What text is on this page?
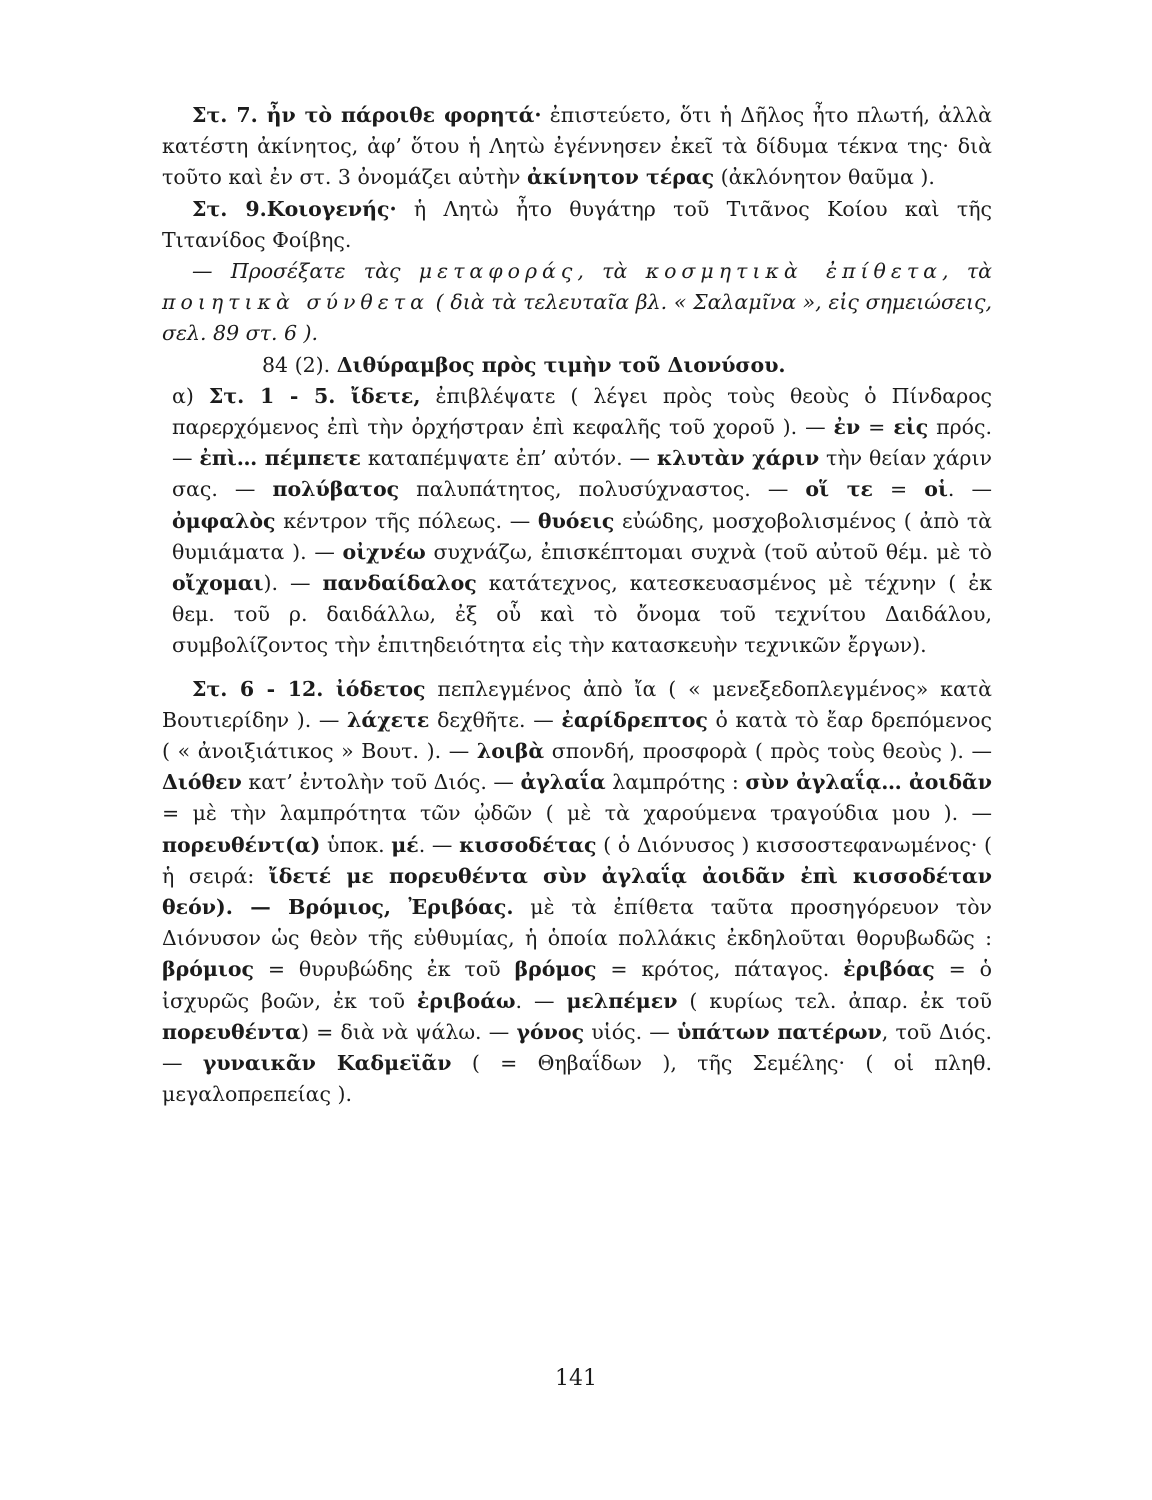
Στ. 7. ἦν τὸ πάροιθε φορητά· ἐπιστεύετο, ὅτι ἡ Δῆλος ἦτο πλωτή, ἀλλὰ κατέστη ἀκίνητος, ἀφ’ ὅτου ἡ Λητὼ ἐγέννησεν ἐκεῖ τὰ δίδυμα τέκνα της· διὰ τοῦτο καὶ ἐν στ. 3 ὀνομάζει αὐτὴν ἀκίνητον τέρας (ἀκλόνητον θαῦμα ).

Στ. 9.Κοιογενής· ἡ Λητὼ ἦτο θυγάτηρ τοῦ Τιτᾶνος Κοίου καὶ τῆς Τιτανίδος Φοίβης.

— Προσέξατε τὰς μεταφοράς, τὰ κοσμητικὰ ἐπίθετα, τὰ ποιητικὰ σύνθετα ( διὰ τὰ τελευταῖα βλ. « Σαλαμῖνα », εἰς σημειώσεις, σελ. 89 στ. 6 ).

84 (2). Διθύραμβος πρὸς τιμὴν τοῦ Διονύσου.

α) Στ. 1 - 5. ἴδετε, ἐπιβλέψατε ( λέγει πρὸς τοὺς θεοὺς ὁ Πίνδαρος παρερχόμενος ἐπὶ τὴν ὀρχήστραν ἐπὶ κεφαλῆς τοῦ χοροῦ ). — ἐν = εἰς πρός. — ἐπὶ… πέμπετε καταπέμψατε ἐπ’ αὐτόν. — κλυτὰν χάριν τὴν θείαν χάριν σας. — πολύβατος παλυπάτητος, πολυσύχναστος. — οἵ τε = οἱ. — ὀμφαλὸς κέντρον τῆς πόλεως. — θυόεις εὐώδης, μοσχοβολισμένος ( ἀπὸ τὰ θυμιάματα ). — οἰχνέω συχνάζω, ἐπισκέπτομαι συχνὰ (τοῦ αὐτοῦ θέμ. μὲ τὸ οἴχομαι). — πανδαίδαλος κατάτεχνος, κατεσκευασμένος μὲ τέχνην ( ἐκ θεμ. τοῦ ρ. δαιδάλλω, ἐξ οὗ καὶ τὸ ὄνομα τοῦ τεχνίτου Δαιδάλου, συμβολίζοντος τὴν ἐπιτηδειότητα εἰς τὴν κατασκευὴν τεχνικῶν ἔργων).

Στ. 6 - 12. ἰόδετος πεπλεγμένος ἀπὸ ἴα ( « μενεξεδοπλεγμένος» κατὰ Βουτιερίδην ). — λάχετε δεχθῆτε. — ἐαρίδρεπτος ὁ κατὰ τὸ ἔαρ δρεπόμενος ( « ἀνοιξιάτικος » Βουτ. ). — λοιβὰ σπονδή, προσφορὰ ( πρὸς τοὺς θεοὺς ). — Διόθεν κατ’ ἐντολὴν τοῦ Διός. — ἀγλαΐα λαμπρότης : σὺν ἀγλαΐᾳ… ἀοιδᾶν = μὲ τὴν λαμπρότητα τῶν ᾠδῶν ( μὲ τὰ χαρούμενα τραγούδια μου ). — πορευθέντ(α) ὑποκ. μέ. — κισσοδέτας ( ὁ Διόνυσος ) κισσοστεφανωμένος· ( ἡ σειρά: ἴδετέ με πορευθέντα σὺν ἀγλαΐᾳ ἀοιδᾶν ἐπὶ κισσοδέταν θεόν). — Βρόμιος, Ἐριβόας. μὲ τὰ ἐπίθετα ταῦτα προσηγόρευον τὸν Διόνυσον ὡς θεὸν τῆς εὐθυμίας, ἡ ὁποία πολλάκις ἐκδηλοῦται θορυβωδῶς : βρόμιος = θυρυβώδης ἐκ τοῦ βρόμος = κρότος, πάταγος. ἐριβόας = ὁ ἰσχυρῶς βοῶν, ἐκ τοῦ ἐριβοάω. — μελπέμεν ( κυρίως τελ. ἀπαρ. ἐκ τοῦ πορευθέντα) = διὰ νὰ ψάλω. — γόνος υἱός. — ὑπάτων πατέρων, τοῦ Διός. — γυναικᾶν Καδμεϊᾶν ( = Θηβαΐδων ), τῆς Σεμέλης· ( οἱ πληθ. μεγαλοπρεπείας ).

141
